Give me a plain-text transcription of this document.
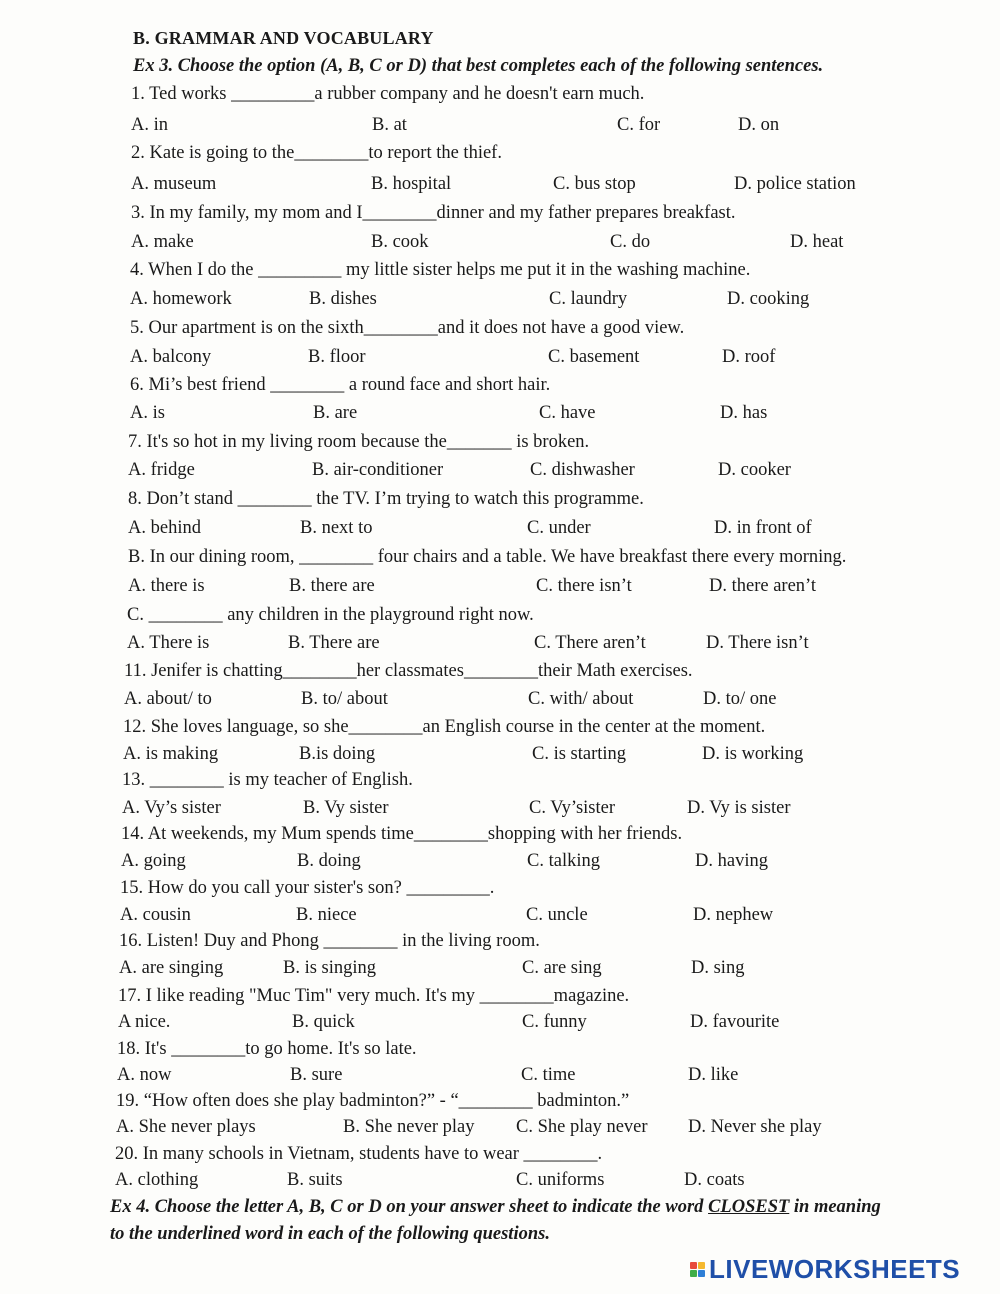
B. GRAMMAR AND VOCABULARY
Ex 3. Choose the option (A, B, C or D) that best completes each of the following sentences.
1. Ted works _________a rubber company and he doesn't earn much.
A. in	B. at	C. for	D. on
2. Kate is going to the________to report the thief.
A. museum	B. hospital	C. bus stop	D. police station
3. In my family, my mom and I________dinner and my father prepares breakfast.
A. make	B. cook	C. do	D. heat
4. When I do the _________ my little sister helps me put it in the washing machine.
A. homework	B. dishes	C. laundry	D. cooking
5. Our apartment is on the sixth________and it does not have a good view.
A. balcony	B. floor	C. basement	D. roof
6. Mi’s best friend ________ a round face and short hair.
A. is	B. are	C. have	D. has
7. It's so hot in my living room because the_______ is broken.
A. fridge	B. air-conditioner	C. dishwasher	D. cooker
8. Don’t stand ________ the TV. I’m trying to watch this programme.
A. behind	B. next to	C. under	D. in front of
B. In our dining room, ________ four chairs and a table. We have breakfast there every morning.
A. there is	B. there are	C. there isn’t	D. there aren’t
C. ________ any children in the playground right now.
A. There is	B. There are	C. There aren’t	D. There isn’t
11. Jenifer is chatting________her classmates________their Math exercises.
A. about/ to	B. to/ about	C. with/ about	D. to/ one
12. She loves language, so she________an English course in the center at the moment.
A. is making	B.is doing	C. is starting	D. is working
13. ________ is my teacher of English.
A. Vy’s sister	B. Vy sister	C. Vy’sister	D. Vy is sister
14. At weekends, my Mum spends time________shopping with her friends.
A. going	B. doing	C. talking	D. having
15. How do you call your sister's son? _________.
A. cousin	B. niece	C. uncle	D. nephew
16. Listen! Duy and Phong ________ in the living room.
A. are singing	B. is singing	C. are sing	D. sing
17. I like reading "Muc Tim" very much. It's my ________magazine.
A nice.	B. quick	C. funny	D. favourite
18. It's ________to go home. It's so late.
A. now	B. sure	C. time	D. like
19. “How often does she play badminton?” - “________ badminton.”
A. She never plays	B. She never play C. She play never D. Never she play
20. In many schools in Vietnam, students have to wear ________.
A. clothing	B. suits	C. uniforms	D. coats
Ex 4. Choose the letter A, B, C or D on your answer sheet to indicate the word CLOSEST in meaning
to the underlined word in each of the following questions.
LIVEWORKSHEETS
